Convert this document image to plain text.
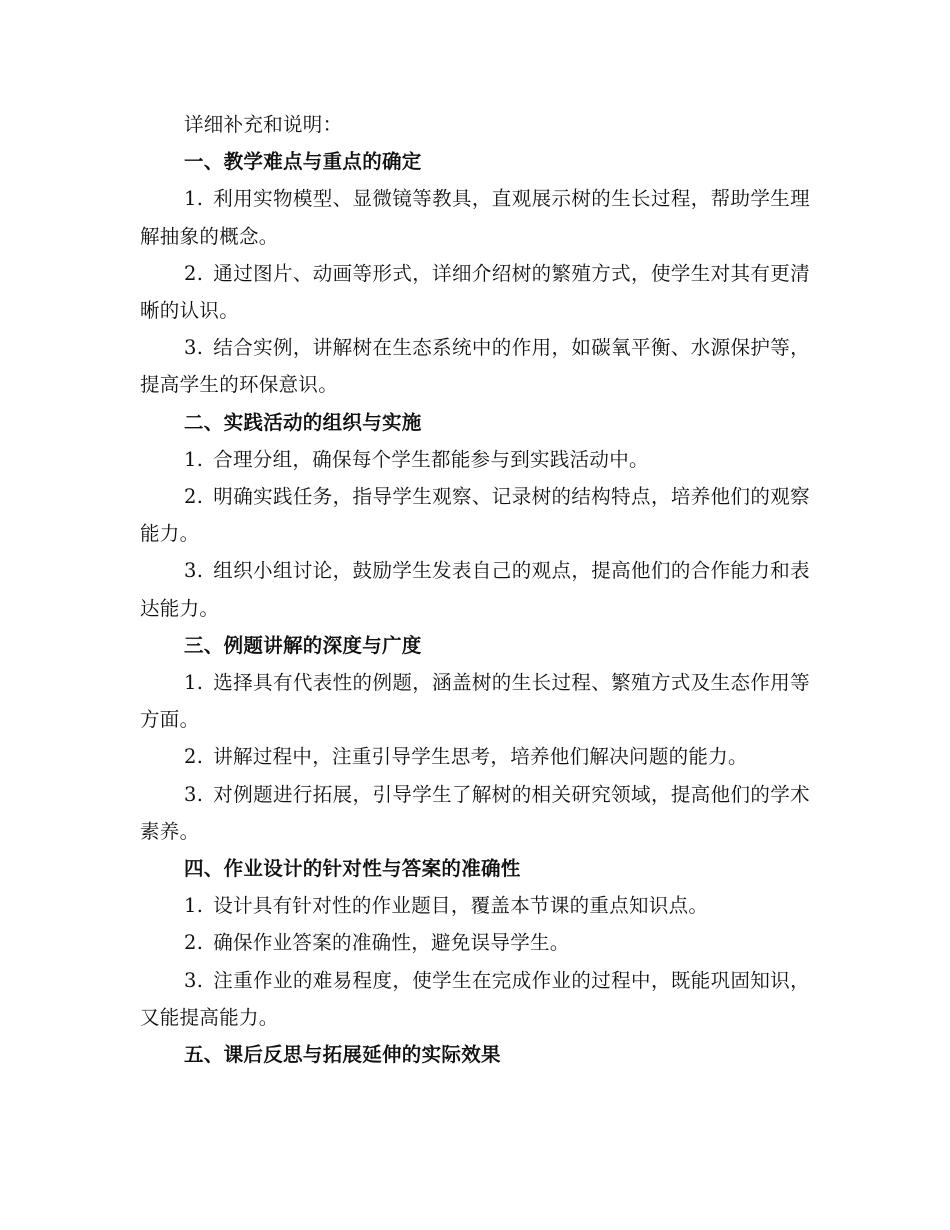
详细补充和说明：

一、教学难点与重点的确定

1. 利用实物模型、显微镜等教具，直观展示树的生长过程，帮助学生理解抽象的概念。

2. 通过图片、动画等形式，详细介绍树的繁殖方式，使学生对其有更清晰的认识。

3. 结合实例，讲解树在生态系统中的作用，如碳氧平衡、水源保护等，提高学生的环保意识。

二、实践活动的组织与实施

1. 合理分组，确保每个学生都能参与到实践活动中。

2. 明确实践任务，指导学生观察、记录树的结构特点，培养他们的观察能力。

3. 组织小组讨论，鼓励学生发表自己的观点，提高他们的合作能力和表达能力。

三、例题讲解的深度与广度

1. 选择具有代表性的例题，涵盖树的生长过程、繁殖方式及生态作用等方面。

2. 讲解过程中，注重引导学生思考，培养他们解决问题的能力。

3. 对例题进行拓展，引导学生了解树的相关研究领域，提高他们的学术素养。

四、作业设计的针对性与答案的准确性

1. 设计具有针对性的作业题目，覆盖本节课的重点知识点。

2. 确保作业答案的准确性，避免误导学生。

3. 注重作业的难易程度，使学生在完成作业的过程中，既能巩固知识，又能提高能力。

五、课后反思与拓展延伸的实际效果
